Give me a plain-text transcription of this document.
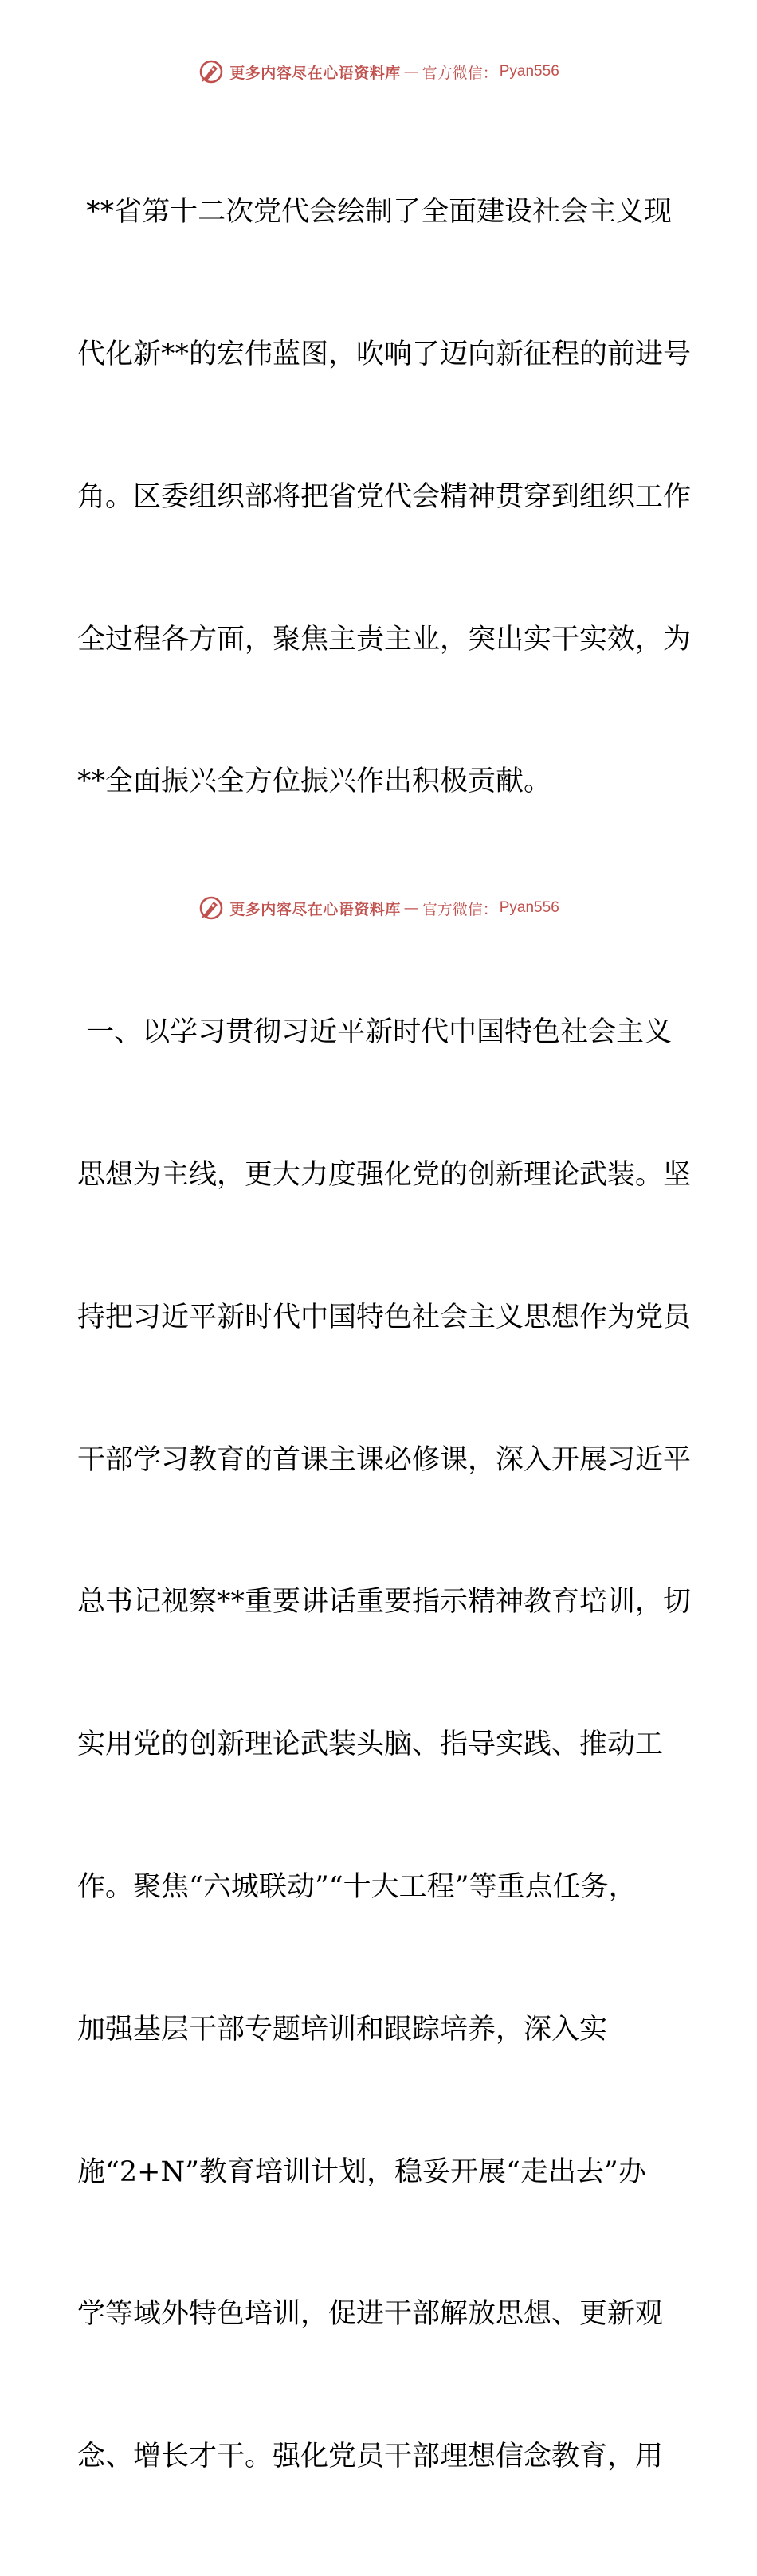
更多内容尽在心语资料库 — 官方微信： Pyan556

**省第十二次党代会绘制了全面建设社会主义现

代化新**的宏伟蓝图，吹响了迈向新征程的前进号

角。区委组织部将把省党代会精神贯穿到组织工作

全过程各方面，聚焦主责主业，突出实干实效，为

**全面振兴全方位振兴作出积极贡献。

一、以学习贯彻习近平新时代中国特色社会主义

思想为主线，更大力度强化党的创新理论武装。坚

持把习近平新时代中国特色社会主义思想作为党员

干部学习教育的首课主课必修课，深入开展习近平

总书记视察**重要讲话重要指示精神教育培训，切

实用党的创新理论武装头脑、指导实践、推动工

作。聚焦“六城联动”“十大工程”等重点任务，

加强基层干部专题培训和跟踪培养，深入实

施“2+N”教育培训计划，稳妥开展“走出去”办

学等域外特色培训，促进干部解放思想、更新观

念、增长才干。强化党员干部理想信念教育，用

更多内容尽在心语资料库 — 官方微信： Pyan556
